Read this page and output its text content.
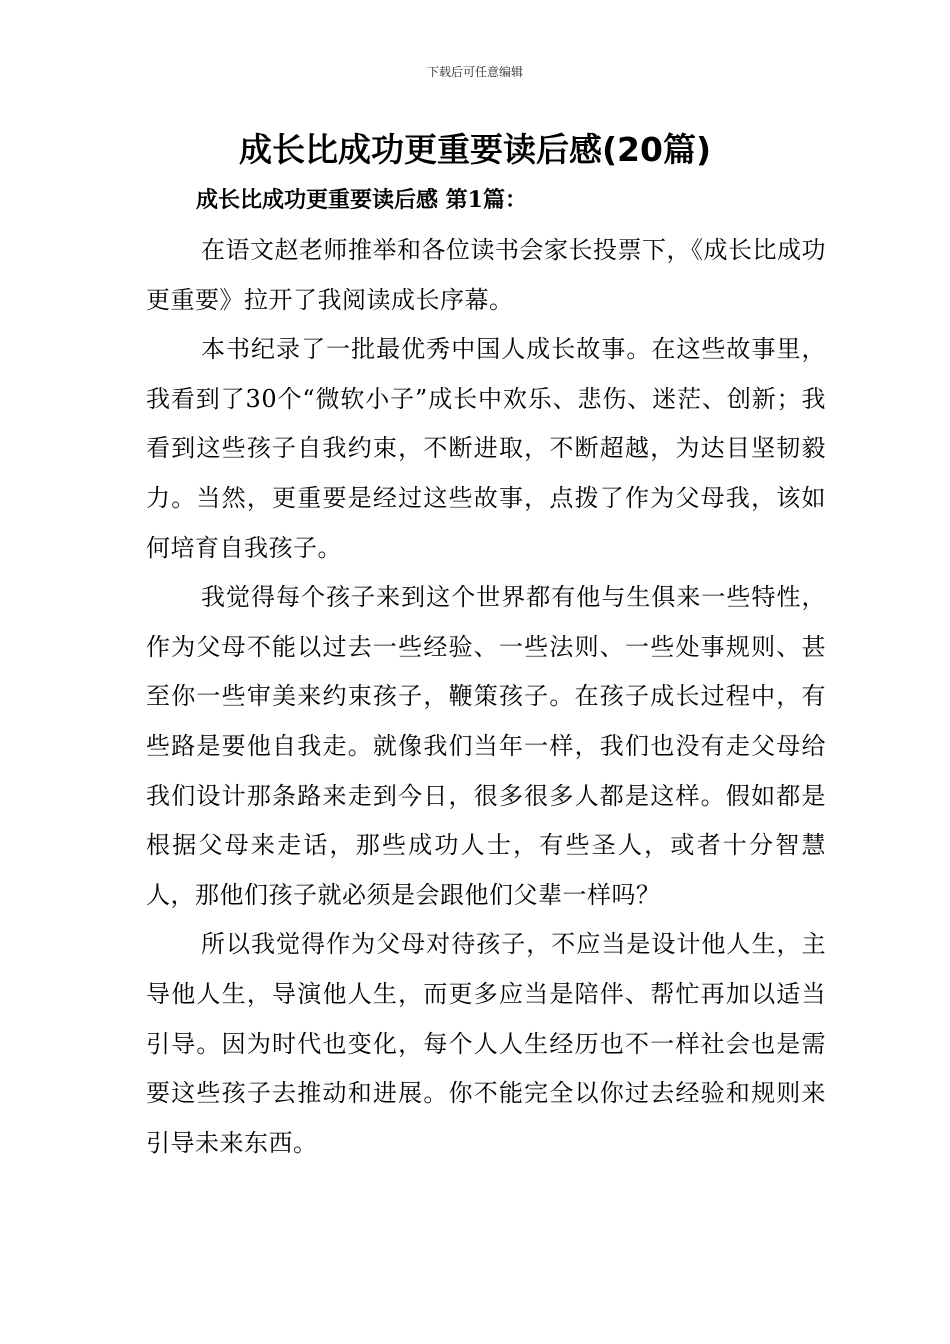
下载后可任意编辑
成长比成功更重要读后感(20篇)
成长比成功更重要读后感 第1篇：

在语文赵老师推举和各位读书会家长投票下，《成长比成功更重要》拉开了我阅读成长序幕。

本书纪录了一批最优秀中国人成长故事。在这些故事里，我看到了30个“微软小子”成长中欢乐、悲伤、迷茫、创新；我看到这些孩子自我约束，不断进取，不断超越，为达目坚韧毅力。当然，更重要是经过这些故事，点拨了作为父母我，该如何培育自我孩子。

我觉得每个孩子来到这个世界都有他与生俱来一些特性，作为父母不能以过去一些经验、一些法则、一些处事规则、甚至你一些审美来约束孩子，鞭策孩子。在孩子成长过程中，有些路是要他自我走。就像我们当年一样，我们也没有走父母给我们设计那条路来走到今日，很多很多人都是这样。假如都是根据父母来走话，那些成功人士，有些圣人，或者十分智慧人，那他们孩子就必须是会跟他们父辈一样吗？

所以我觉得作为父母对待孩子，不应当是设计他人生，主导他人生，导演他人生，而更多应当是陪伴、帮忙再加以适当引导。因为时代也变化，每个人人生经历也不一样社会也是需要这些孩子去推动和进展。你不能完全以你过去经验和规则来引导未来东西。
